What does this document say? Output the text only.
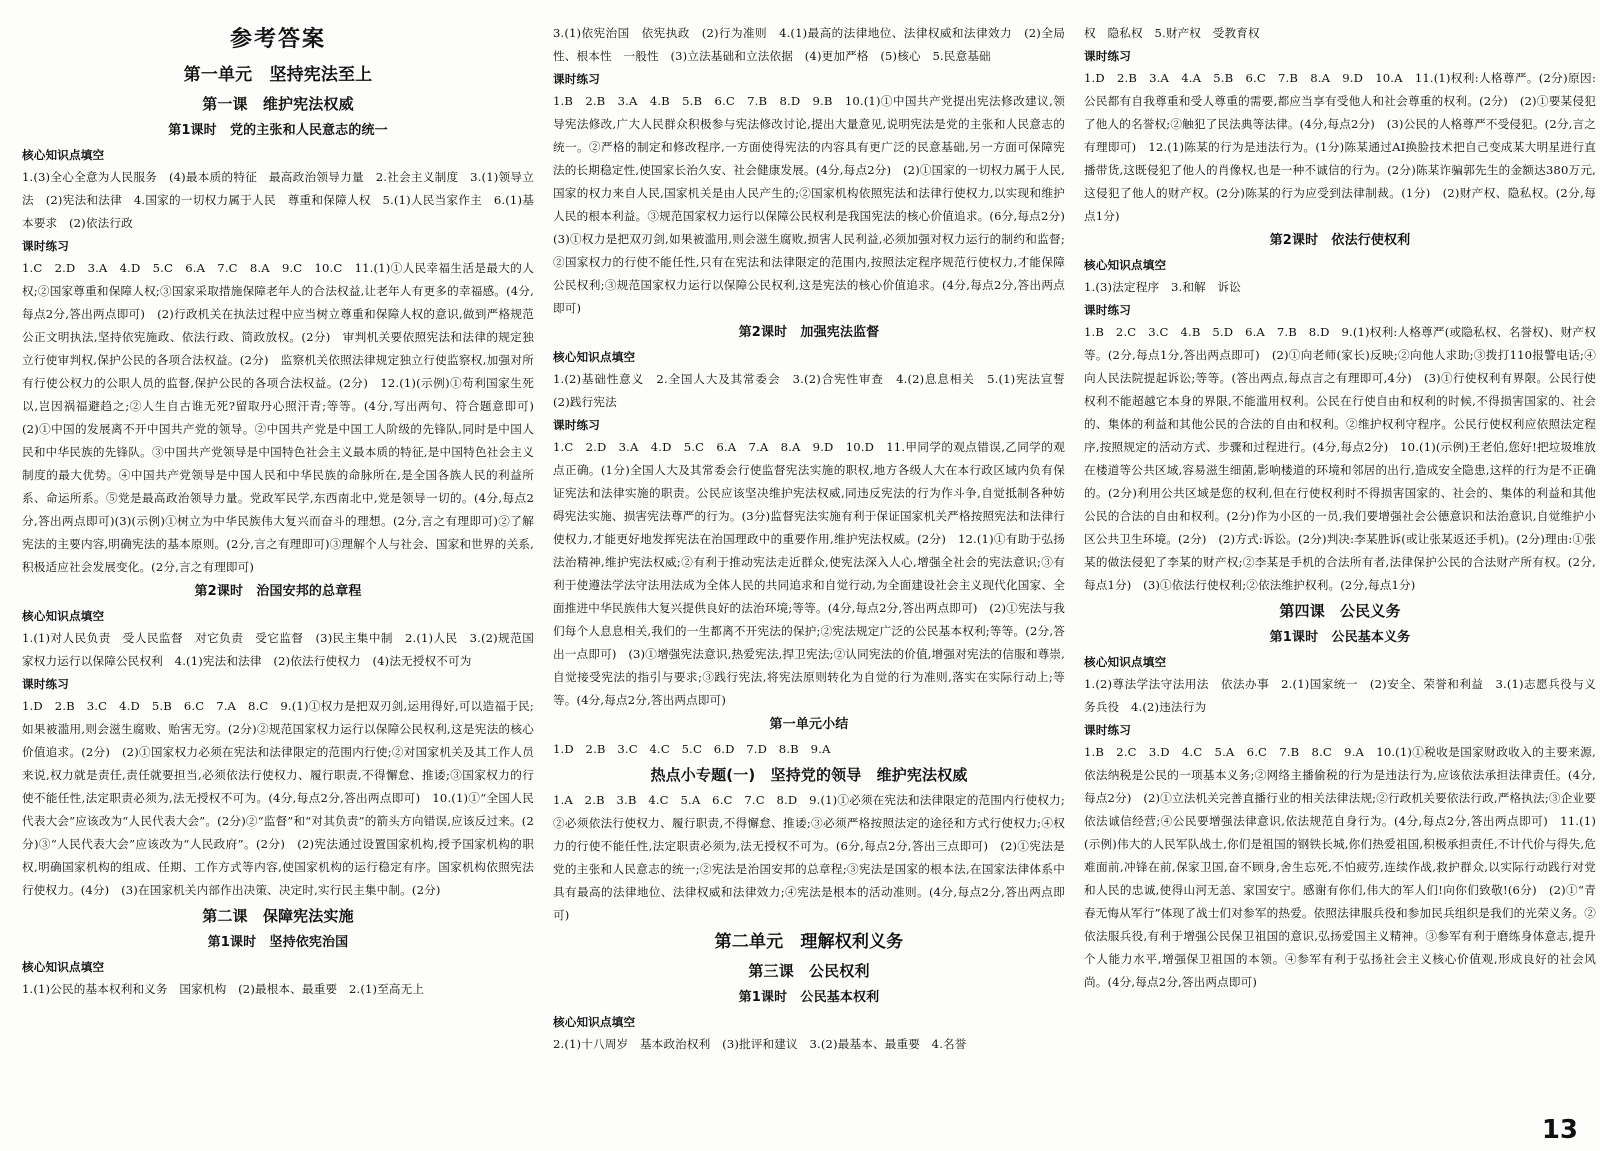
参考答案
第一单元　坚持宪法至上
第一课　维护宪法权威
第1课时　党的主张和人民意志的统一
核心知识点填空
1.(3)全心全意为人民服务　(4)最本质的特征　最高政治领导力量　2.社会主义制度　3.(1)领导立法　(2)宪法和法律　4.国家的一切权力属于人民　尊重和保障人权　5.(1)人民当家作主　6.(1)基本要求　(2)依法行政
课时练习
1.C　2.D　3.A　4.D　5.C　6.A　7.C　8.A　9.C　10.C　11.(1)①人民幸福生活是最大的人权;②国家尊重和保障人权;③国家采取措施保障老年人的合法权益,让老年人有更多的幸福感。(4分,每点2分,答出两点即可)　(2)行政机关在执法过程中应当树立尊重和保障人权的意识,做到严格规范公正文明执法,坚持依宪施政、依法行政、简政放权。(2分)　审判机关要依照宪法和法律的规定独立行使审判权,保护公民的各项合法权益。(2分)　监察机关依照法律规定独立行使监察权,加强对所有行使公权力的公职人员的监督,保护公民的各项合法权益。(2分)　12.(1)(示例)①苟利国家生死以,岂因祸福避趋之;②人生自古谁无死?留取丹心照汗青;等等。(4分,写出两句、符合题意即可)　(2)①中国的发展离不开中国共产党的领导。②中国共产党是中国工人阶级的先锋队,同时是中国人民和中华民族的先锋队。③中国共产党领导是中国特色社会主义最本质的特征,是中国特色社会主义制度的最大优势。④中国共产党领导是中国人民和中华民族的命脉所在,是全国各族人民的利益所系、命运所系。⑤党是最高政治领导力量。党政军民学,东西南北中,党是领导一切的。(4分,每点2分,答出两点即可)(3)(示例)①树立为中华民族伟大复兴而奋斗的理想。(2分,言之有理即可)②了解宪法的主要内容,明确宪法的基本原则。(2分,言之有理即可)③理解个人与社会、国家和世界的关系,积极适应社会发展变化。(2分,言之有理即可)
第2课时　治国安邦的总章程
核心知识点填空
1.(1)对人民负责　受人民监督　对它负责　受它监督　(3)民主集中制　2.(1)人民　3.(2)规范国家权力运行以保障公民权利　4.(1)宪法和法律　(2)依法行使权力　(4)法无授权不可为
课时练习
1.D　2.B　3.C　4.D　5.B　6.C　7.A　8.C　9.(1)①权力是把双刃剑,运用得好,可以造福于民;如果被滥用,则会滋生腐败、贻害无穷。(2分)②规范国家权力运行以保障公民权利,这是宪法的核心价值追求。(2分)　(2)①国家权力必须在宪法和法律限定的范围内行使;②对国家机关及其工作人员来说,权力就是责任,责任就要担当,必须依法行使权力、履行职责,不得懈怠、推诿;③国家权力的行使不能任性,法定职责必须为,法无授权不可为。(4分,每点2分,答出两点即可)　10.(1)①“全国人民代表大会”应该改为“人民代表大会”。(2分)②“监督”和“对其负责”的箭头方向错误,应该反过来。(2分)③“人民代表大会”应该改为“人民政府”。(2分)　(2)宪法通过设置国家机构,授予国家机构的职权,明确国家机构的组成、任期、工作方式等内容,使国家机构的运行稳定有序。国家机构依照宪法行使权力。(4分)　(3)在国家机关内部作出决策、决定时,实行民主集中制。(2分)
第二课　保障宪法实施
第1课时　坚持依宪治国
核心知识点填空
1.(1)公民的基本权利和义务　国家机构　(2)最根本、最重要　2.(1)至高无上
3.(1)依宪治国　依宪执政　(2)行为准则　4.(1)最高的法律地位、法律权威和法律效力　(2)全局性、根本性　一般性　(3)立法基础和立法依据　(4)更加严格　(5)核心　5.民意基础
课时练习
1.B　2.B　3.A　4.B　5.B　6.C　7.B　8.D　9.B　10.(1)①中国共产党提出宪法修改建议,领导宪法修改,广大人民群众积极参与宪法修改讨论,提出大量意见,说明宪法是党的主张和人民意志的统一。②严格的制定和修改程序,一方面使得宪法的内容具有更广泛的民意基础,另一方面可保障宪法的长期稳定性,使国家长治久安、社会健康发展。(4分,每点2分)　(2)①国家的一切权力属于人民,国家的权力来自人民,国家机关是由人民产生的;②国家机构依照宪法和法律行使权力,以实现和维护人民的根本利益。③规范国家权力运行以保障公民权利是我国宪法的核心价值追求。(6分,每点2分)　(3)①权力是把双刃剑,如果被滥用,则会滋生腐败,损害人民利益,必须加强对权力运行的制约和监督;②国家权力的行使不能任性,只有在宪法和法律限定的范围内,按照法定程序规范行使权力,才能保障公民权利;③规范国家权力运行以保障公民权利,这是宪法的核心价值追求。(4分,每点2分,答出两点即可)
第2课时　加强宪法监督
核心知识点填空
1.(2)基础性意义　2.全国人大及其常委会　3.(2)合宪性审查　4.(2)息息相关　5.(1)宪法宣誓　(2)践行宪法
课时练习
1.C　2.D　3.A　4.D　5.C　6.A　7.A　8.A　9.D　10.D　11.甲同学的观点错误,乙同学的观点正确。(1分)全国人大及其常委会行使监督宪法实施的职权,地方各级人大在本行政区域内负有保证宪法和法律实施的职责。公民应该坚决维护宪法权威,同违反宪法的行为作斗争,自觉抵制各种妨碍宪法实施、损害宪法尊严的行为。(3分)监督宪法实施有利于保证国家机关严格按照宪法和法律行使权力,才能更好地发挥宪法在治国理政中的重要作用,维护宪法权威。(2分)　12.(1)①有助于弘扬法治精神,维护宪法权威;②有利于推动宪法走近群众,使宪法深入人心,增强全社会的宪法意识;③有利于使遵法学法守法用法成为全体人民的共同追求和自觉行动,为全面建设社会主义现代化国家、全面推进中华民族伟大复兴提供良好的法治环境;等等。(4分,每点2分,答出两点即可)　(2)①宪法与我们每个人息息相关,我们的一生都离不开宪法的保护;②宪法规定广泛的公民基本权利;等等。(2分,答出一点即可)　(3)①增强宪法意识,热爱宪法,捍卫宪法;②认同宪法的价值,增强对宪法的信服和尊崇,自觉接受宪法的指引与要求;③践行宪法,将宪法原则转化为自觉的行为准则,落实在实际行动上;等等。(4分,每点2分,答出两点即可)
第一单元小结
1.D　2.B　3.C　4.C　5.C　6.D　7.D　8.B　9.A
热点小专题(一)　坚持党的领导　维护宪法权威
1.A　2.B　3.B　4.C　5.A　6.C　7.C　8.D　9.(1)①必须在宪法和法律限定的范围内行使权力;②必须依法行使权力、履行职责,不得懈怠、推诿;③必须严格按照法定的途径和方式行使权力;④权力的行使不能任性,法定职责必须为,法无授权不可为。(6分,每点2分,答出三点即可)　(2)①宪法是党的主张和人民意志的统一;②宪法是治国安邦的总章程;③宪法是国家的根本法,在国家法律体系中具有最高的法律地位、法律权威和法律效力;④宪法是根本的活动准则。(4分,每点2分,答出两点即可)
第二单元　理解权利义务
第三课　公民权利
第1课时　公民基本权利
核心知识点填空
2.(1)十八周岁　基本政治权利　(3)批评和建议　3.(2)最基本、最重要　4.名誉
权　隐私权　5.财产权　受教育权
课时练习
1.D　2.B　3.A　4.A　5.B　6.C　7.B　8.A　9.D　10.A　11.(1)权利:人格尊严。(2分)原因:公民都有自我尊重和受人尊重的需要,都应当享有受他人和社会尊重的权利。(2分)　(2)①要某侵犯了他人的名誉权;②触犯了民法典等法律。(4分,每点2分)　(3)公民的人格尊严不受侵犯。(2分,言之有理即可)　12.(1)陈某的行为是违法行为。(1分)陈某通过AI换脸技术把自己变成某大明星进行直播带货,这既侵犯了他人的肖像权,也是一种不诚信的行为。(2分)陈某诈骗郭先生的金额达380万元,这侵犯了他人的财产权。(2分)陈某的行为应受到法律制裁。(1分)　(2)财产权、隐私权。(2分,每点1分)
第2课时　依法行使权利
核心知识点填空
1.(3)法定程序　3.和解　诉讼
课时练习
1.B　2.C　3.C　4.B　5.D　6.A　7.B　8.D　9.(1)权利:人格尊严(或隐私权、名誉权)、财产权等。(2分,每点1分,答出两点即可)　(2)①向老师(家长)反映;②向他人求助;③拨打110报警电话;④向人民法院提起诉讼;等等。(答出两点,每点言之有理即可,4分)　(3)①行使权利有界限。公民行使权利不能超越它本身的界限,不能滥用权利。公民在行使自由和权利的时候,不得损害国家的、社会的、集体的利益和其他公民的合法的自由和权利。②维护权利守程序。公民行使权利应依照法定程序,按照规定的活动方式、步骤和过程进行。(4分,每点2分)　10.(1)(示例)王老伯,您好!把垃圾堆放在楼道等公共区域,容易滋生细菌,影响楼道的环境和邻居的出行,造成安全隐患,这样的行为是不正确的。(2分)利用公共区域是您的权利,但在行使权利时不得损害国家的、社会的、集体的利益和其他公民的合法的自由和权利。(2分)作为小区的一员,我们要增强社会公德意识和法治意识,自觉维护小区公共卫生环境。(2分)　(2)方式:诉讼。(2分)判决:李某胜诉(或让张某返还手机)。(2分)理由:①张某的做法侵犯了李某的财产权;②李某是手机的合法所有者,法律保护公民的合法财产所有权。(2分,每点1分)　(3)①依法行使权利;②依法维护权利。(2分,每点1分)
第四课　公民义务
第1课时　公民基本义务
核心知识点填空
1.(2)尊法学法守法用法　依法办事　2.(1)国家统一　(2)安全、荣誉和利益　3.(1)志愿兵役与义务兵役　4.(2)违法行为
课时练习
1.B　2.C　3.D　4.C　5.A　6.C　7.B　8.C　9.A　10.(1)①税收是国家财政收入的主要来源,依法纳税是公民的一项基本义务;②网络主播偷税的行为是违法行为,应该依法承担法律责任。(4分,每点2分)　(2)①立法机关完善直播行业的相关法律法规;②行政机关要依法行政,严格执法;③企业要依法诚信经营;④公民要增强法律意识,依法规范自身行为。(4分,每点2分,答出两点即可)　11.(1)(示例)伟大的人民军队战士,你们是祖国的钢铁长城,你们热爱祖国,积极承担责任,不计代价与得失,危难面前,冲锋在前,保家卫国,奋不顾身,舍生忘死,不怕疲劳,连续作战,救护群众,以实际行动践行对党和人民的忠诚,使得山河无恙、家国安宁。感谢有你们,伟大的军人们!向你们致敬!(6分)　(2)①“青春无悔从军行”体现了战士们对参军的热爱。依照法律服兵役和参加民兵组织是我们的光荣义务。②依法服兵役,有利于增强公民保卫祖国的意识,弘扬爱国主义精神。③参军有利于磨练身体意志,提升个人能力水平,增强保卫祖国的本领。④参军有利于弘扬社会主义核心价值观,形成良好的社会风尚。(4分,每点2分,答出两点即可)
13
